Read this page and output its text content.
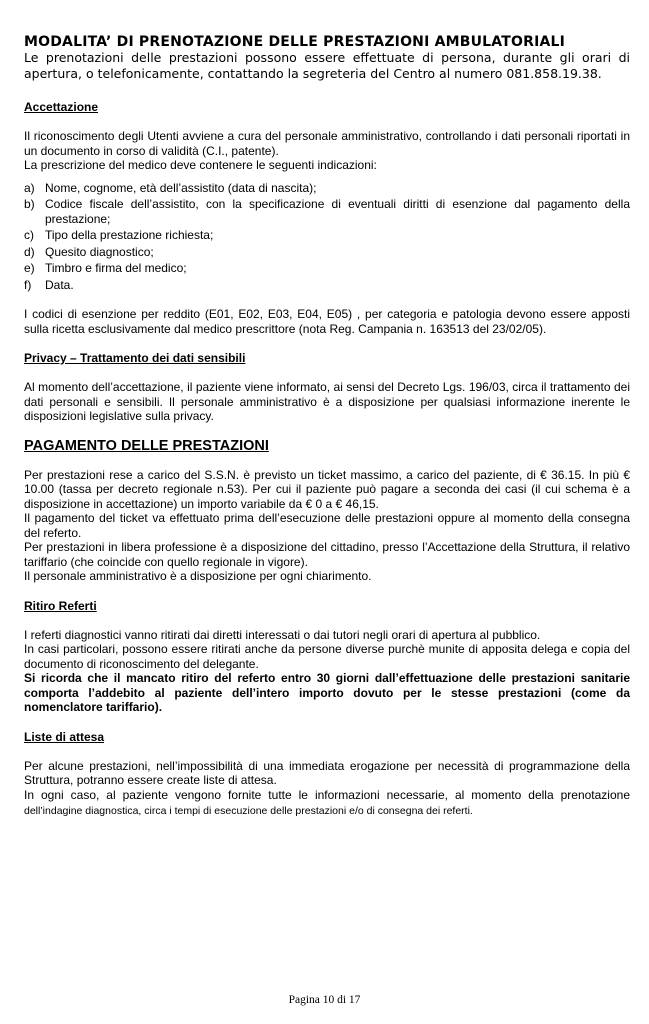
MODALITA’ DI PRENOTAZIONE DELLE PRESTAZIONI AMBULATORIALI

Le prenotazioni delle prestazioni possono essere effettuate di persona, durante gli orari di apertura, o telefonicamente, contattando la segreteria del Centro al numero 081.858.19.38.

Accettazione

Il riconoscimento degli Utenti avviene a cura del personale amministrativo, controllando i dati personali riportati in un documento in corso di validità (C.I., patente).

La prescrizione del medico deve contenere le seguenti indicazioni:

a) Nome, cognome, età dell’assistito (data di nascita);
b) Codice fiscale dell’assistito, con la specificazione di eventuali diritti di esenzione dal pagamento della prestazione;
c) Tipo della prestazione richiesta;
d) Quesito diagnostico;
e) Timbro e firma del medico;
f)	Data.

I codici di esenzione per reddito (E01, E02, E03, E04, E05) , per categoria e patologia devono essere apposti sulla ricetta esclusivamente dal medico prescrittore (nota Reg. Campania n. 163513 del 23/02/05).

Privacy – Trattamento dei dati sensibili

Al momento dell’accettazione, il paziente viene informato, ai sensi del Decreto Lgs. 196/03, circa il trattamento dei dati personali e sensibili. Il personale amministrativo è a disposizione per qualsiasi informazione inerente le disposizioni legislative sulla privacy.

PAGAMENTO DELLE PRESTAZIONI

Per prestazioni rese a carico del S.S.N. è previsto un ticket massimo, a carico del paziente, di € 36.15. In più € 10.00 (tassa per decreto regionale n.53). Per cui il paziente può pagare a seconda dei casi (il cui schema è a disposizione in accettazione) un importo variabile da € 0 a € 46,15.

Il pagamento del ticket va effettuato prima dell’esecuzione delle prestazioni oppure al momento della consegna del referto.

Per prestazioni in libera professione è a disposizione del cittadino, presso l’Accettazione della Struttura, il relativo tariffario (che coincide con quello regionale in vigore).

Il personale amministrativo è a disposizione per ogni chiarimento.

Ritiro Referti

I referti diagnostici vanno ritirati dai diretti interessati o dai tutori negli orari di apertura al pubblico.

In casi particolari, possono essere ritirati anche da persone diverse purchè munite di apposita delega e copia del documento di riconoscimento del delegante.

Si ricorda che il mancato ritiro del referto entro 30 giorni dall’effettuazione delle prestazioni sanitarie comporta l’addebito al paziente dell’intero importo dovuto per le stesse prestazioni (come da nomenclatore tariffario).

Liste di attesa

Per alcune prestazioni, nell’impossibilità di una immediata erogazione per necessità di programmazione della Struttura, potranno essere create liste di attesa.

In ogni caso, al paziente vengono fornite tutte le informazioni necessarie, al momento della prenotazione dell’indagine diagnostica, circa i tempi di esecuzione delle prestazioni e/o di consegna dei referti.

Pagina 10 di 17
